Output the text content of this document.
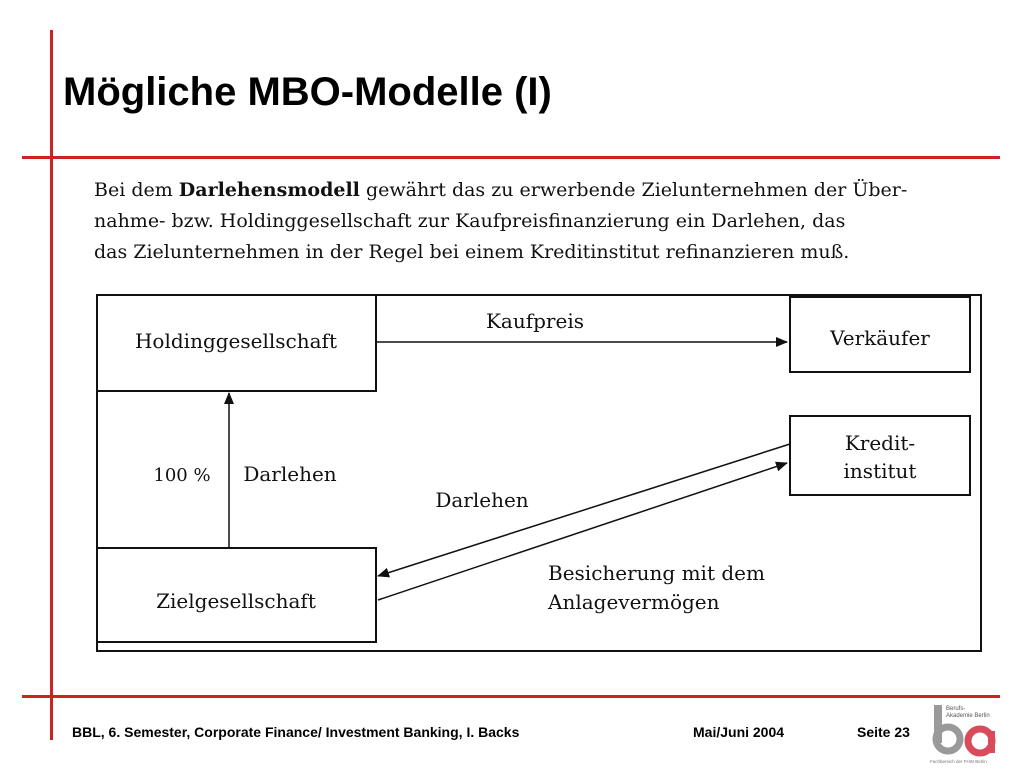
Mögliche MBO-Modelle (I)

Bei dem Darlehensmodell gewährt das zu erwerbende Zielunternehmen der Über-

nahme- bzw. Holdinggesellschaft zur Kaufpreisfinanzierung ein Darlehen, das

das Zielunternehmen in der Regel bei einem Kreditinstitut refinanzieren muß.

Holdinggesellschaft	Verkäufer
Kredit-
institut
Zielgesellschaft
Kaufpreis
100 % Darlehen
Darlehen
Besicherung mit dem
Anlagevermögen
BBL, 6. Semester, Corporate Finance/ Investment Banking, I. Backs	Mai/Juni 2004	Seite 23
Berufs-
Akademie Berlin
Fachbereich der FHW Berlin
